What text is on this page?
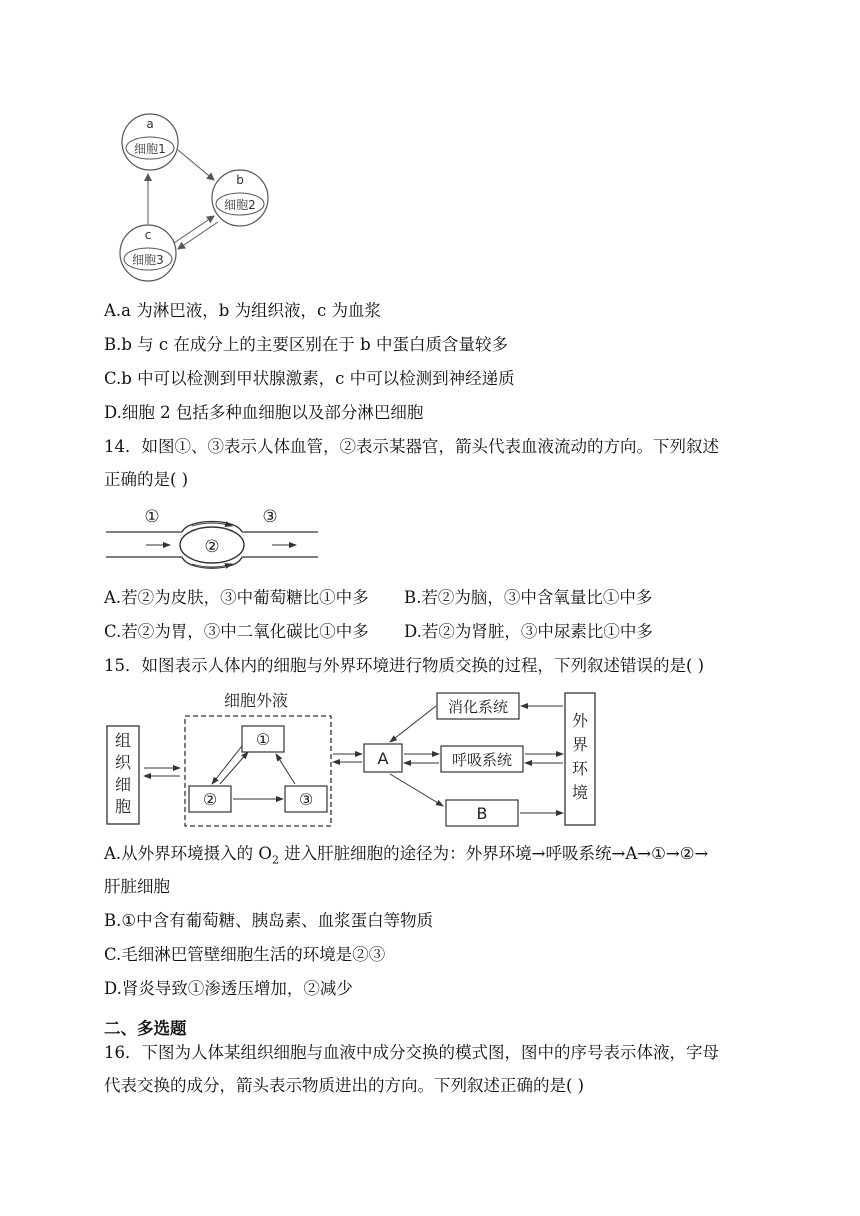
a
细胞1
b
细胞2
c
细胞3
A.a 为淋巴液，b 为组织液，c 为血浆
B.b 与 c 在成分上的主要区别在于 b 中蛋白质含量较多
C.b 中可以检测到甲状腺激素，c 中可以检测到神经递质
D.细胞 2 包括多种血细胞以及部分淋巴细胞
14．如图①、③表示人体血管，②表示某器官，箭头代表血液流动的方向。下列叙述
正确的是( )
①
②
③
A.若②为皮肤，③中葡萄糖比①中多 B.若②为脑，③中含氧量比①中多
C.若②为胃，③中二氧化碳比①中多 D.若②为肾脏，③中尿素比①中多
15．如图表示人体内的细胞与外界环境进行物质交换的过程，下列叙述错误的是( )
组
织
细
胞
细胞外液
①
②	③
A
消化系统
呼吸系统
B
外
界
环
境
A.从外界环境摄入的 $O_2$ 进入肝脏细胞的途径为：外界环境→呼吸系统→A→①→②→
肝脏细胞
B.①中含有葡萄糖、胰岛素、血浆蛋白等物质
C.毛细淋巴管壁细胞生活的环境是②③
D.肾炎导致①渗透压增加，②减少
二、多选题
16．下图为人体某组织细胞与血液中成分交换的模式图，图中的序号表示体液，字母
代表交换的成分，箭头表示物质进出的方向。下列叙述正确的是( )
